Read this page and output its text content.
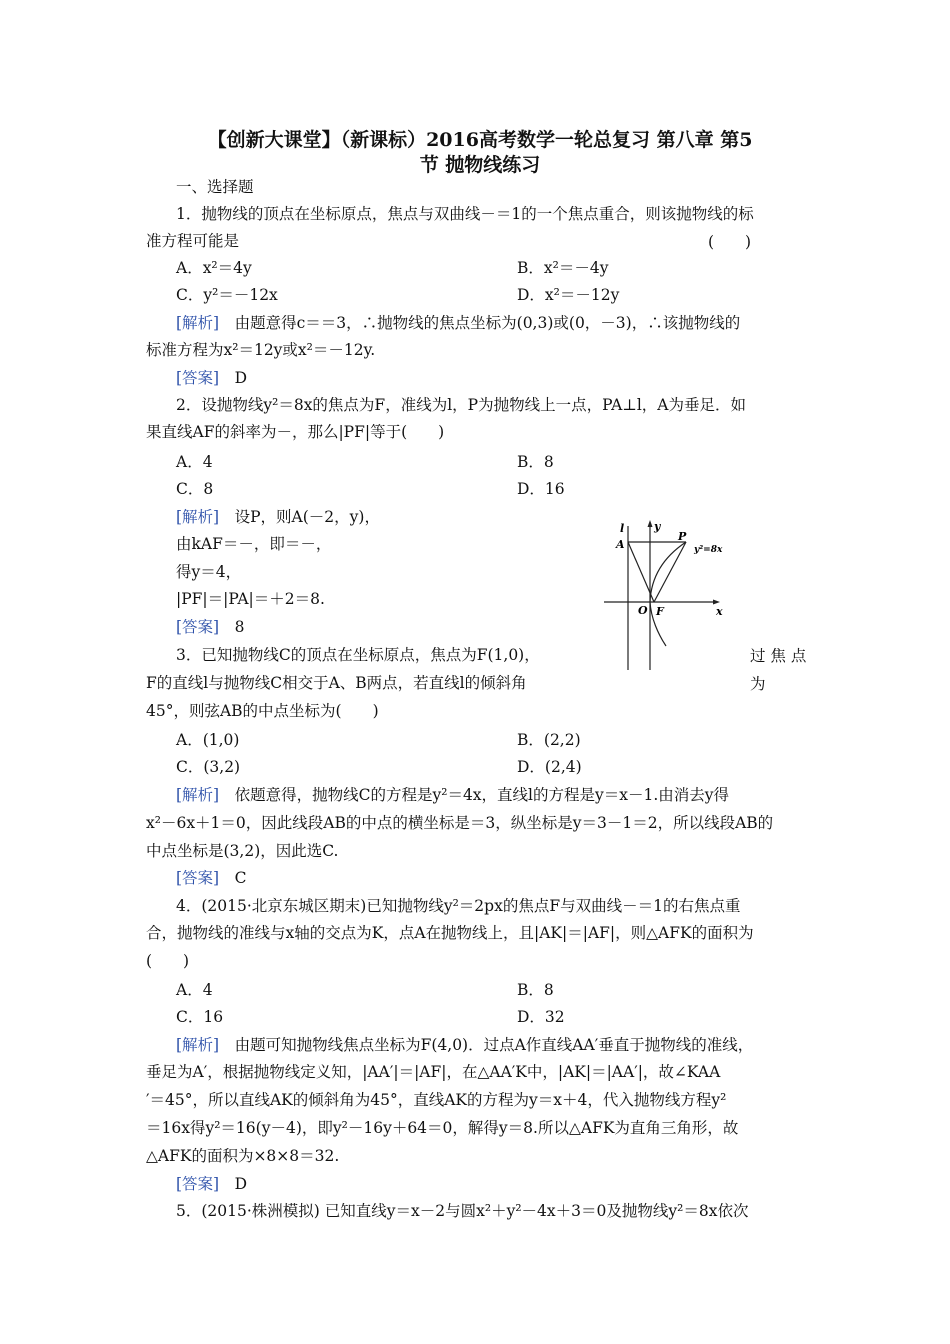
【创新大课堂】（新课标）2016高考数学一轮总复习 第八章 第5
节 抛物线练习
一、选择题
1．抛物线的顶点在坐标原点，焦点与双曲线－＝1的一个焦点重合，则该抛物线的标
准方程可能是	(　　)
A．x²＝4y	B．x²＝－4y
C．y²＝－12x	D．x²＝－12y
[解析]　由题意得c＝＝3，∴抛物线的焦点坐标为(0,3)或(0，－3)，∴该抛物线的
标准方程为x²＝12y或x²＝－12y.
[答案]　D
2．设抛物线y²＝8x的焦点为F，准线为l，P为抛物线上一点，PA⊥l，A为垂足．如
果直线AF的斜率为－，那么|PF|等于(　　)
A．4	B．8
C．8	D．16
[解析]　设P，则A(－2，y)，
由kAF＝－，即＝－，
得y＝4，
|PF|＝|PA|＝＋2＝8.
[答案]　8
l	y
A
P
y²=8x
O F	x
3．已知抛物线C的顶点在坐标原点，焦点为F(1,0)，	过 焦 点
F的直线l与抛物线C相交于A、B两点，若直线l的倾斜角	为
45°，则弦AB的中点坐标为(　　)
A．(1,0)	B．(2,2)
C．(3,2)	D．(2,4)
[解析]　依题意得，抛物线C的方程是y²＝4x，直线l的方程是y＝x－1.由消去y得
x²－6x＋1＝0，因此线段AB的中点的横坐标是＝3，纵坐标是y＝3－1＝2，所以线段AB的
中点坐标是(3,2)，因此选C.
[答案]　C
4．(2015·北京东城区期末)已知抛物线y²＝2px的焦点F与双曲线－＝1的右焦点重
合，抛物线的准线与x轴的交点为K，点A在抛物线上，且|AK|＝|AF|，则△AFK的面积为
(　　)
A．4	B．8
C．16	D．32
[解析]　由题可知抛物线焦点坐标为F(4,0)．过点A作直线AA′垂直于抛物线的准线，
垂足为A′，根据抛物线定义知，|AA′|＝|AF|，在△AA′K中，|AK|＝|AA′|，故∠KAA
′＝45°，所以直线AK的倾斜角为45°，直线AK的方程为y＝x＋4，代入抛物线方程y²
＝16x得y²＝16(y－4)，即y²－16y＋64＝0，解得y＝8.所以△AFK为直角三角形，故
△AFK的面积为×8×8＝32.
[答案]　D
5．(2015·株洲模拟) 已知直线y＝x－2与圆x²＋y²－4x＋3＝0及抛物线y²＝8x依次
